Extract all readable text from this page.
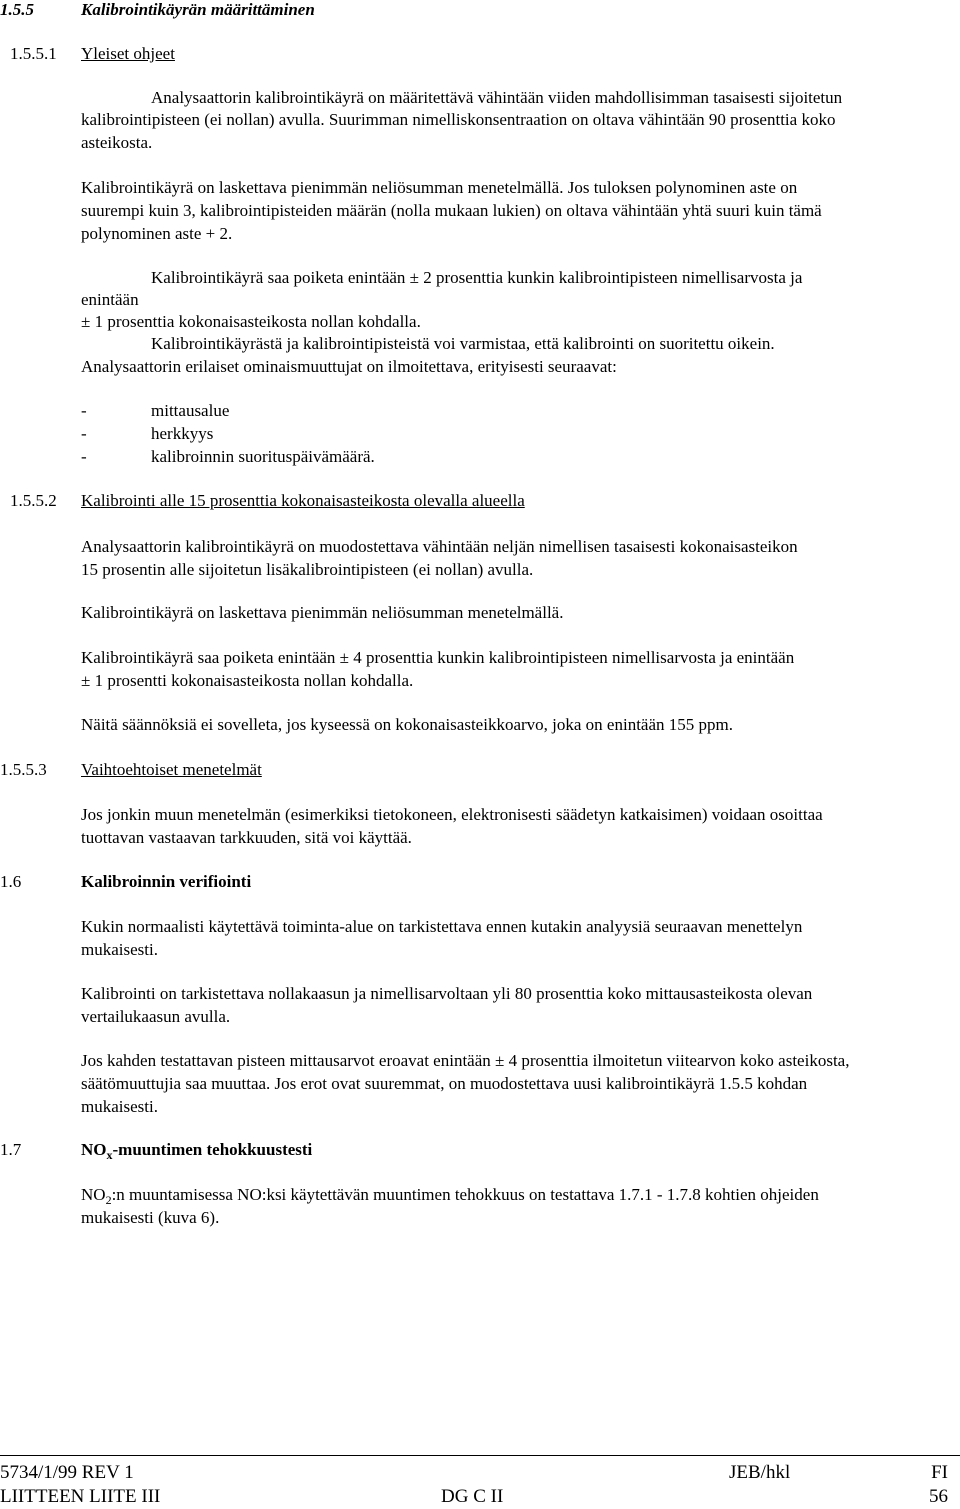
1.5.5	Kalibrointikäyrän määrittäminen
1.5.5.1 Yleiset ohjeet
Analysaattorin kalibrointikäyrä on määritettävä vähintään viiden mahdollisimman tasaisesti sijoitetun
kalibrointipisteen (ei nollan) avulla. Suurimman nimelliskonsentraation on oltava vähintään 90 prosenttia koko
asteikosta.
Kalibrointikäyrä on laskettava pienimmän neliösumman menetelmällä. Jos tuloksen polynominen aste on
suurempi kuin 3, kalibrointipisteiden määrän (nolla mukaan lukien) on oltava vähintään yhtä suuri kuin tämä
polynominen aste + 2.
Kalibrointikäyrä saa poiketa enintään ± 2 prosenttia kunkin kalibrointipisteen nimellisarvosta ja
enintään
± 1 prosenttia kokonaisasteikosta nollan kohdalla.
Kalibrointikäyrästä ja kalibrointipisteistä voi varmistaa, että kalibrointi on suoritettu oikein.
Analysaattorin erilaiset ominaismuuttujat on ilmoitettava, erityisesti seuraavat:
-	mittausalue
-	herkkyys
-	kalibroinnin suorituspäivämäärä.
1.5.5.2 Kalibrointi alle 15 prosenttia kokonaisasteikosta olevalla alueella
Analysaattorin kalibrointikäyrä on muodostettava vähintään neljän nimellisen tasaisesti kokonaisasteikon
15 prosentin alle sijoitetun lisäkalibrointipisteen (ei nollan) avulla.
Kalibrointikäyrä on laskettava pienimmän neliösumman menetelmällä.
Kalibrointikäyrä saa poiketa enintään ± 4 prosenttia kunkin kalibrointipisteen nimellisarvosta ja enintään
± 1 prosentti kokonaisasteikosta nollan kohdalla.
Näitä säännöksiä ei sovelleta, jos kyseessä on kokonaisasteikkoarvo, joka on enintään 155 ppm.
1.5.5.3 Vaihtoehtoiset menetelmät
Jos jonkin muun menetelmän (esimerkiksi tietokoneen, elektronisesti säädetyn katkaisimen) voidaan osoittaa
tuottavan vastaavan tarkkuuden, sitä voi käyttää.
1.6	Kalibroinnin verifiointi
Kukin normaalisti käytettävä toiminta-alue on tarkistettava ennen kutakin analyysiä seuraavan menettelyn
mukaisesti.
Kalibrointi on tarkistettava nollakaasun ja nimellisarvoltaan yli 80 prosenttia koko mittausasteikosta olevan
vertailukaasun avulla.
Jos kahden testattavan pisteen mittausarvot eroavat enintään ± 4 prosenttia ilmoitetun viitearvon koko asteikosta,
säätömuuttujia saa muuttaa. Jos erot ovat suuremmat, on muodostettava uusi kalibrointikäyrä 1.5.5 kohdan
mukaisesti.
1.7	$NO_x$-muuntimen tehokkuustesti
$NO_2:n$ muuntamisessa NO:ksi käytettävän muuntimen tehokkuus on testattava 1.7.1 - 1.7.8 kohtien ohjeiden
mukaisesti (kuva 6).
5734/1/99 REV 1	JEB/hkl	FI
LIITTEEN LIITE III	DG C II	56
